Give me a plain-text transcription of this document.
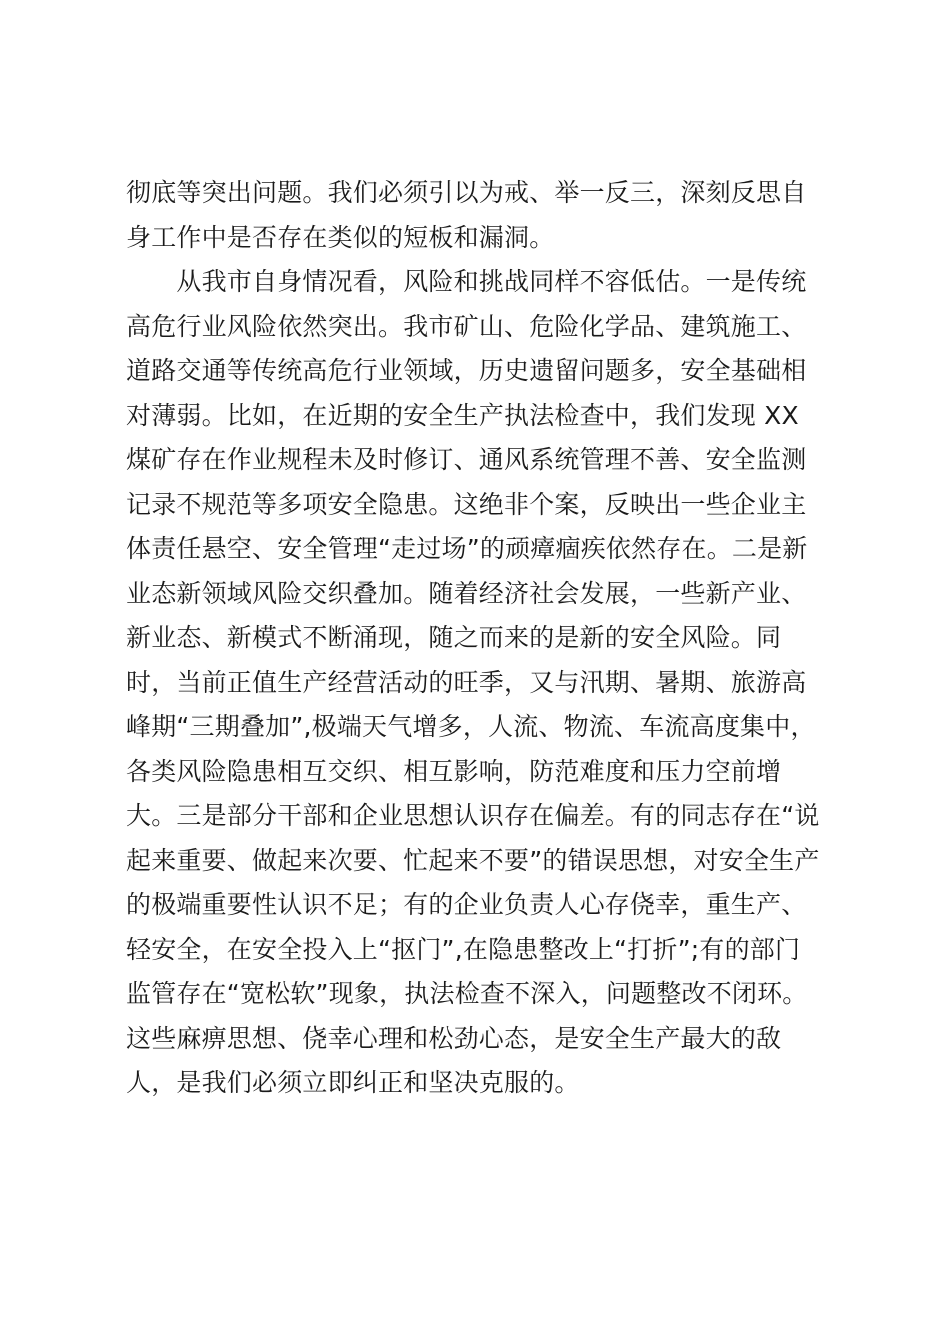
彻底等突出问题。我们必须引以为戒、举一反三，深刻反思自
身工作中是否存在类似的短板和漏洞。
　　从我市自身情况看，风险和挑战同样不容低估。一是传统
高危行业风险依然突出。我市矿山、危险化学品、建筑施工、
道路交通等传统高危行业领域，历史遗留问题多，安全基础相
对薄弱。比如，在近期的安全生产执法检查中，我们发现 XX
煤矿存在作业规程未及时修订、通风系统管理不善、安全监测
记录不规范等多项安全隐患。这绝非个案，反映出一些企业主
体责任悬空、安全管理“走过场”的顽瘴痼疾依然存在。二是新
业态新领域风险交织叠加。随着经济社会发展，一些新产业、
新业态、新模式不断涌现，随之而来的是新的安全风险。同
时，当前正值生产经营活动的旺季，又与汛期、暑期、旅游高
峰期“三期叠加”,极端天气增多，人流、物流、车流高度集中，
各类风险隐患相互交织、相互影响，防范难度和压力空前增
大。三是部分干部和企业思想认识存在偏差。有的同志存在“说
起来重要、做起来次要、忙起来不要”的错误思想，对安全生产
的极端重要性认识不足；有的企业负责人心存侥幸，重生产、
轻安全，在安全投入上“抠门”,在隐患整改上“打折”;有的部门
监管存在“宽松软”现象，执法检查不深入，问题整改不闭环。
这些麻痹思想、侥幸心理和松劲心态，是安全生产最大的敌
人，是我们必须立即纠正和坚决克服的。
